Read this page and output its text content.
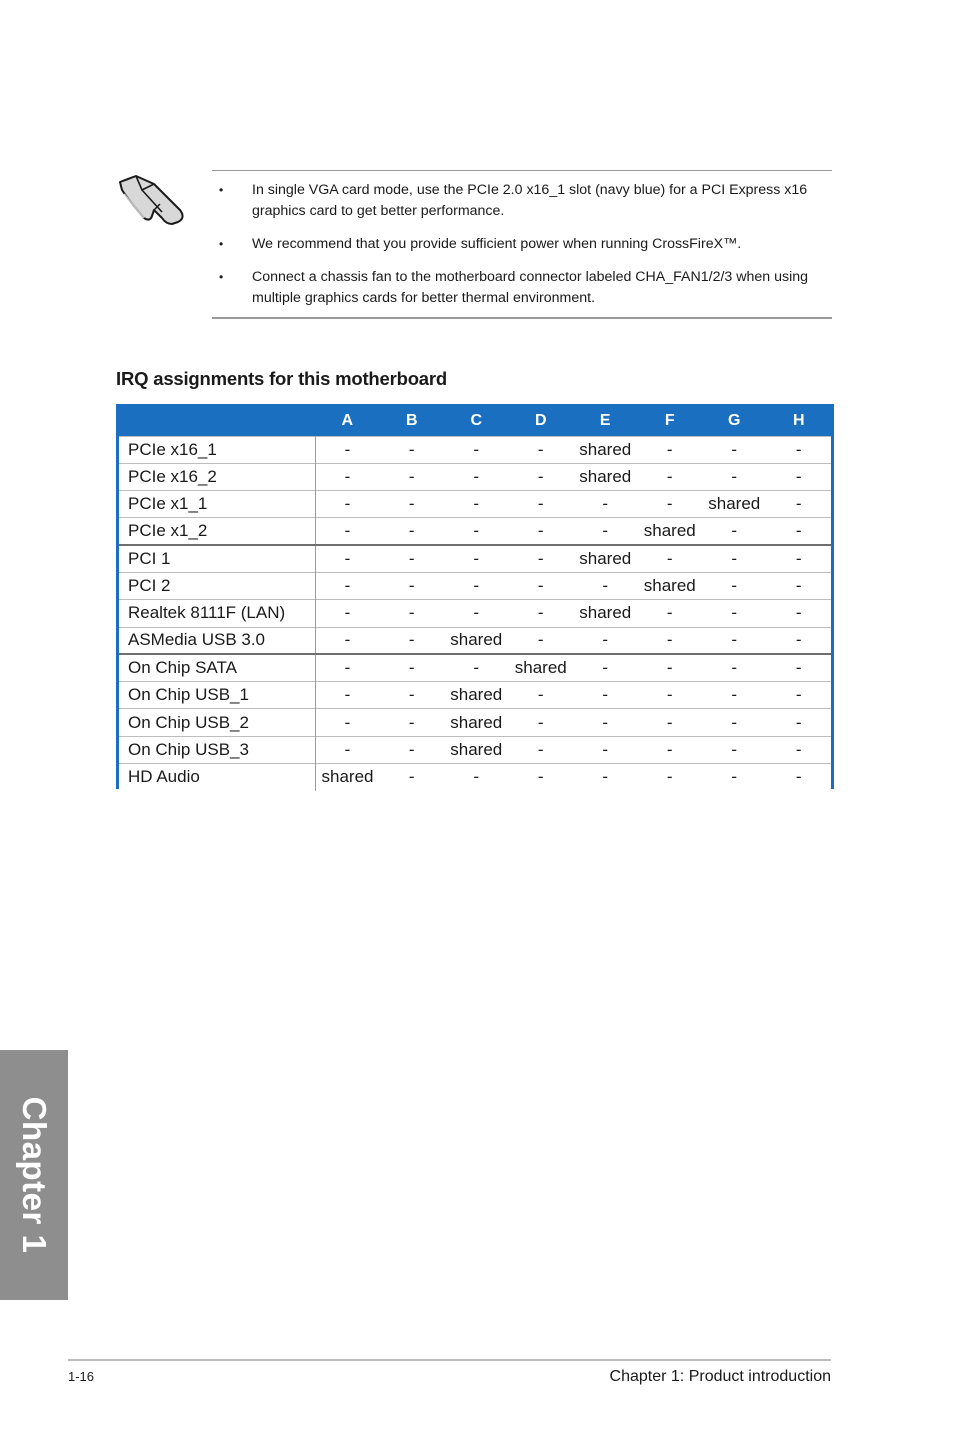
• In single VGA card mode, use the PCIe 2.0 x16_1 slot (navy blue) for a PCI Express x16 graphics card to get better performance.
• We recommend that you provide sufficient power when running CrossFireX™.
• Connect a chassis fan to the motherboard connector labeled CHA_FAN1/2/3 when using multiple graphics cards for better thermal environment.
IRQ assignments for this motherboard
	A	B	C	D	E	F	G	H
PCIe x16_1	-	-	-	-	shared	-	-	-
PCIe x16_2	-	-	-	-	shared	-	-	-
PCIe x1_1	-	-	-	-	-	-	shared	-
PCIe x1_2	-	-	-	-	-	shared	-	-
PCI 1	-	-	-	-	shared	-	-	-
PCI 2	-	-	-	-	-	shared	-	-
Realtek 8111F (LAN)	-	-	-	-	shared	-	-	-
ASMedia USB 3.0	-	-	shared	-	-	-	-	-
On Chip SATA	-	-	-	shared	-	-	-	-
On Chip USB_1	-	-	shared	-	-	-	-	-
On Chip USB_2	-	-	shared	-	-	-	-	-
On Chip USB_3	-	-	shared	-	-	-	-	-
HD Audio	shared	-	-	-	-	-	-	-
Chapter 1
1-16	Chapter 1: Product introduction
